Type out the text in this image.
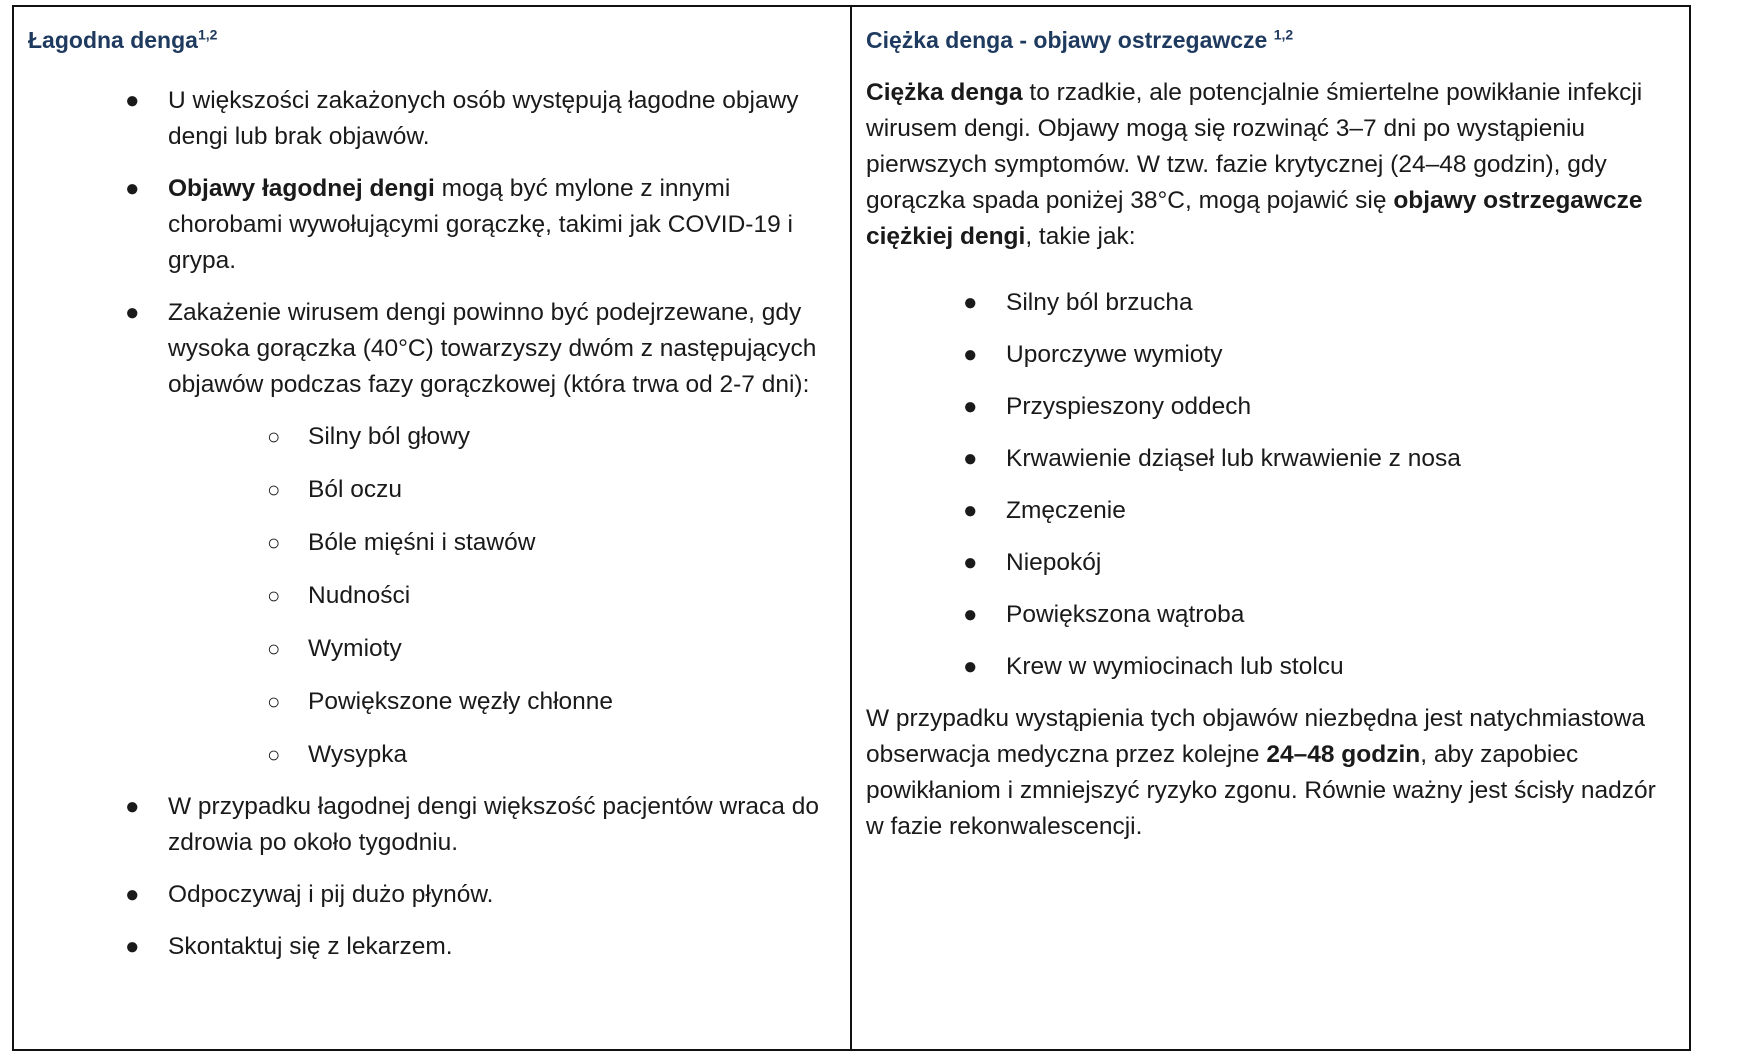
Łagodna denga$^{1,2}$
● U większości zakażonych osób występują łagodne objawy dengi lub brak objawów.
● Objawy łagodnej dengi mogą być mylone z innymi chorobami wywołującymi gorączkę, takimi jak COVID-19 i grypa.
● Zakażenie wirusem dengi powinno być podejrzewane, gdy wysoka gorączka (40°C) towarzyszy dwóm z następujących objawów podczas fazy gorączkowej (która trwa od 2-7 dni):
○ Silny ból głowy
○ Ból oczu
○ Bóle mięśni i stawów
○ Nudności
○ Wymioty
○ Powiększone węzły chłonne
○ Wysypka
● W przypadku łagodnej dengi większość pacjentów wraca do zdrowia po około tygodniu.
● Odpoczywaj i pij dużo płynów.
● Skontaktuj się z lekarzem.
Ciężka denga - objawy ostrzegawcze $^{1,2}$

Ciężka denga to rzadkie, ale potencjalnie śmiertelne powikłanie infekcji wirusem dengi. Objawy mogą się rozwinąć 3–7 dni po wystąpieniu pierwszych symptomów. W tzw. fazie krytycznej (24–48 godzin), gdy gorączka spada poniżej 38°C, mogą pojawić się objawy ostrzegawcze ciężkiej dengi, takie jak:

● Silny ból brzucha
● Uporczywe wymioty
● Przyspieszony oddech
● Krwawienie dziąseł lub krwawienie z nosa
● Zmęczenie
● Niepokój
● Powiększona wątroba
● Krew w wymiocinach lub stolcu

W przypadku wystąpienia tych objawów niezbędna jest natychmiastowa obserwacja medyczna przez kolejne 24–48 godzin, aby zapobiec powikłaniom i zmniejszyć ryzyko zgonu. Równie ważny jest ścisły nadzór w fazie rekonwalescencji.
